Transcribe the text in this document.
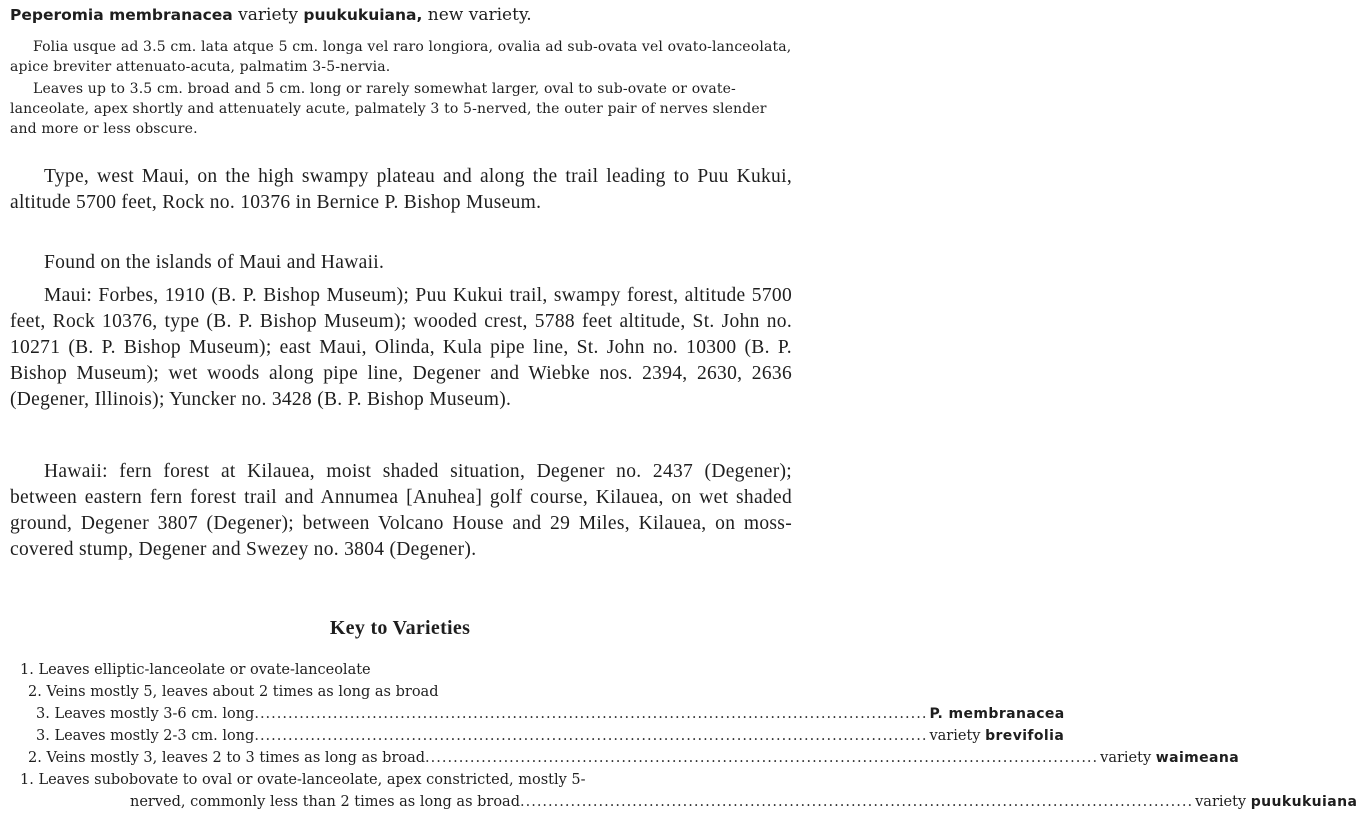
Peperomia membranacea variety puukukuiana, new variety.

Folia usque ad 3.5 cm. lata atque 5 cm. longa vel raro longiora, ovalia ad sub-ovata vel ovato-lanceolata, apice breviter attenuato-acuta, palmatim 3-5-nervia.

Leaves up to 3.5 cm. broad and 5 cm. long or rarely somewhat larger, oval to sub-ovate or ovate-lanceolate, apex shortly and attenuately acute, palmately 3 to 5-nerved, the outer pair of nerves slender and more or less obscure.

Type, west Maui, on the high swampy plateau and along the trail leading to Puu Kukui, altitude 5700 feet, Rock no. 10376 in Bernice P. Bishop Museum.

Found on the islands of Maui and Hawaii.

Maui: Forbes, 1910 (B. P. Bishop Museum); Puu Kukui trail, swampy forest, altitude 5700 feet, Rock 10376, type (B. P. Bishop Museum); wooded crest, 5788 feet altitude, St. John no. 10271 (B. P. Bishop Museum); east Maui, Olinda, Kula pipe line, St. John no. 10300 (B. P. Bishop Museum); wet woods along pipe line, Degener and Wiebke nos. 2394, 2630, 2636 (Degener, Illinois); Yuncker no. 3428 (B. P. Bishop Museum).

Hawaii: fern forest at Kilauea, moist shaded situation, Degener no. 2437 (Degener); between eastern fern forest trail and Annumea [Anuhea] golf course, Kilauea, on wet shaded ground, Degener 3807 (Degener); between Volcano House and 29 Miles, Kilauea, on moss-covered stump, Degener and Swezey no. 3804 (Degener).

Key to Varieties
1. Leaves elliptic-lanceolate or ovate-lanceolate
2. Veins mostly 5, leaves about 2 times as long as broad
3. Leaves mostly 3-6 cm. long ........................................................................................................................ P. membranacea
3. Leaves mostly 2-3 cm. long ........................................................................................................................ variety brevifolia
2. Veins mostly 3, leaves 2 to 3 times as long as broad ........................................................................................................................ variety waimeana
1. Leaves subobovate to oval or ovate-lanceolate, apex constricted, mostly 5-
nerved, commonly less than 2 times as long as broad ........................................................................................................................ variety puukukuiana
